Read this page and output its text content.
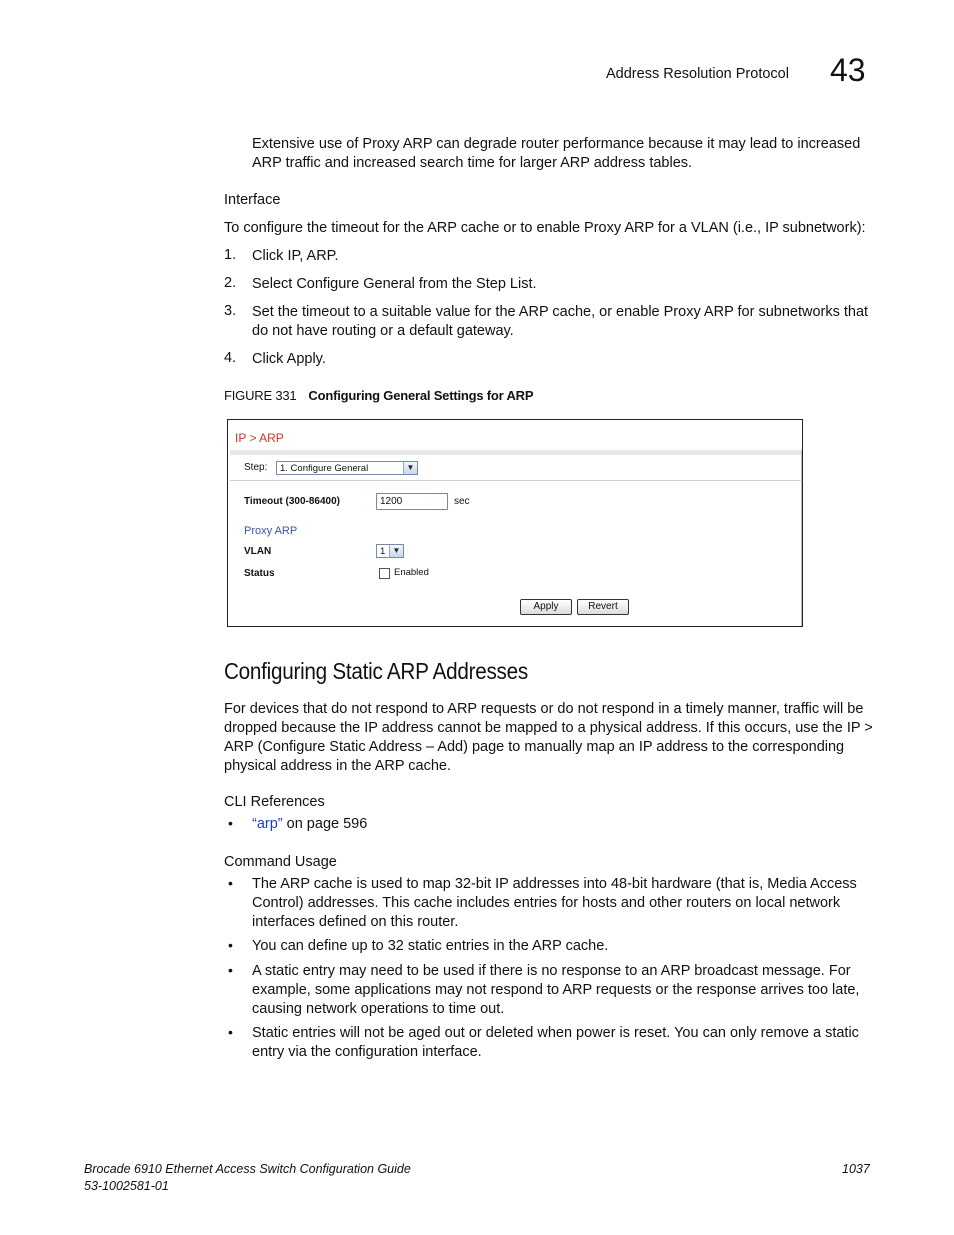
Address Resolution Protocol 43
Extensive use of Proxy ARP can degrade router performance because it may lead to increased ARP traffic and increased search time for larger ARP address tables.
Interface
To configure the timeout for the ARP cache or to enable Proxy ARP for a VLAN (i.e., IP subnetwork):
1. Click IP, ARP.
2. Select Configure General from the Step List.
3. Set the timeout to a suitable value for the ARP cache, or enable Proxy ARP for subnetworks that do not have routing or a default gateway.
4. Click Apply.
FIGURE 331 Configuring General Settings for ARP
IP > ARP
Step:	1. Configure General	▼
Timeout (300-86400)	1200	sec
Proxy ARP
VLAN	1 ▼
Status	Enabled
Apply	Revert
Configuring Static ARP Addresses
For devices that do not respond to ARP requests or do not respond in a timely manner, traffic will be dropped because the IP address cannot be mapped to a physical address. If this occurs, use the IP > ARP (Configure Static Address – Add) page to manually map an IP address to the corresponding physical address in the ARP cache.
CLI References
• “arp” on page 596
Command Usage
• The ARP cache is used to map 32-bit IP addresses into 48-bit hardware (that is, Media Access Control) addresses. This cache includes entries for hosts and other routers on local network interfaces defined on this router.
• You can define up to 32 static entries in the ARP cache.
• A static entry may need to be used if there is no response to an ARP broadcast message. For example, some applications may not respond to ARP requests or the response arrives too late, causing network operations to time out.
• Static entries will not be aged out or deleted when power is reset. You can only remove a static entry via the configuration interface.
Brocade 6910 Ethernet Access Switch Configuration Guide
53-1002581-01
1037
